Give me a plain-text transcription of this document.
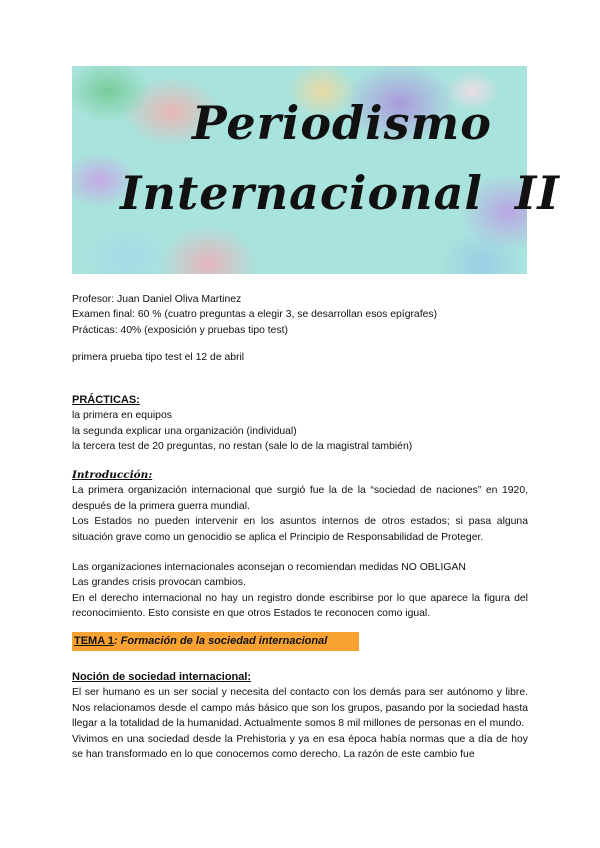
Periodismo
Internacional II
Profesor: Juan Daniel Oliva Martinez
Examen final: 60 % (cuatro preguntas a elegir 3, se desarrollan esos epígrafes)
Prácticas: 40% (exposición y pruebas tipo test)
primera prueba tipo test el 12 de abril
PRÁCTICAS:
la primera en equipos
la segunda explicar una organización (individual)
la tercera test de 20 preguntas, no restan (sale lo de la magistral también)
Introducción:
La primera organización internacional que surgió fue la de la “sociedad de naciones” en 1920, después de la primera guerra mundial.
Los Estados no pueden intervenir en los asuntos internos de otros estados; si pasa alguna situación grave como un genocidio se aplica el Principio de Responsabilidad de Proteger.
Las organizaciones internacionales aconsejan o recomiendan medidas NO OBLIGAN
Las grandes crisis provocan cambios.
En el derecho internacional no hay un registro donde escribirse por lo que aparece la figura del reconocimiento. Esto consiste en que otros Estados te reconocen como igual.
TEMA 1: Formación de la sociedad internacional
Noción de sociedad internacional:
El ser humano es un ser social y necesita del contacto con los demás para ser autónomo y libre. Nos relacionamos desde el campo más básico que son los grupos, pasando por la sociedad hasta llegar a la totalidad de la humanidad. Actualmente somos 8 mil millones de personas en el mundo.
Vivimos en una sociedad desde la Prehistoria y ya en esa época había normas que a día de hoy se han transformado en lo que conocemos como derecho. La razón de este cambio fue
